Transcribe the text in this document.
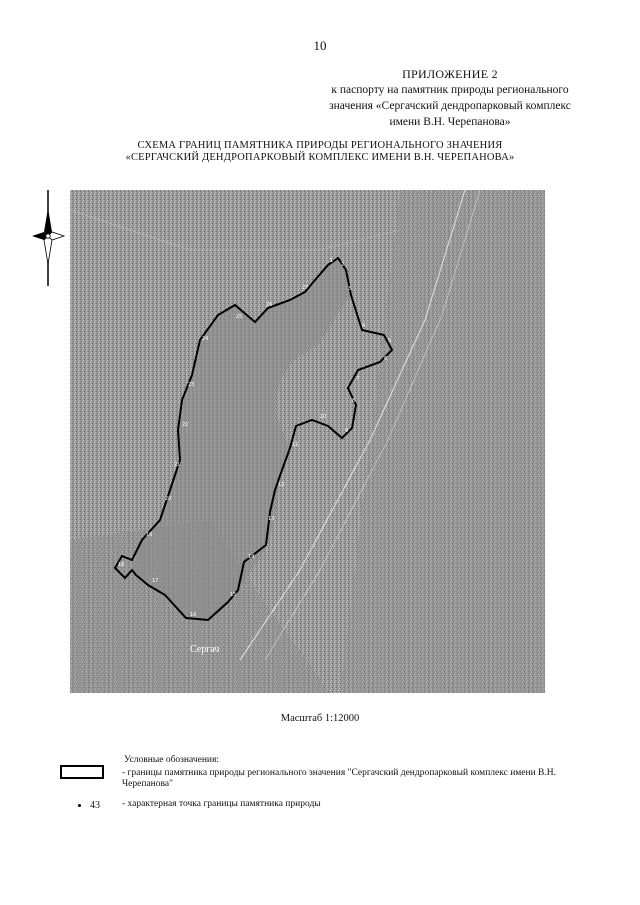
10
ПРИЛОЖЕНИЕ 2
к паспорту на памятник природы регионального
значения «Сергачский дендропарковый комплекс
имени В.Н. Черепанова»
СХЕМА ГРАНИЦ ПАМЯТНИКА ПРИРОДЫ РЕГИОНАЛЬНОГО ЗНАЧЕНИЯ
«СЕРГАЧСКИЙ ДЕНДРОПАРКОВЫЙ КОМПЛЕКС ИМЕНИ В.Н. ЧЕРЕПАНОВА»
1
2
3
4
5
6
7
8
9
10
11
12
13
14
15
16
17
18
19
20
21
22
23
24
25
26
27
Сергач
Масштаб 1:12000
Условные обозначения:
- границы памятника природы регионального значения "Сергачский дендропарковый комплекс имени В.Н. Черепанова"
43 - характерная точка границы памятника природы
